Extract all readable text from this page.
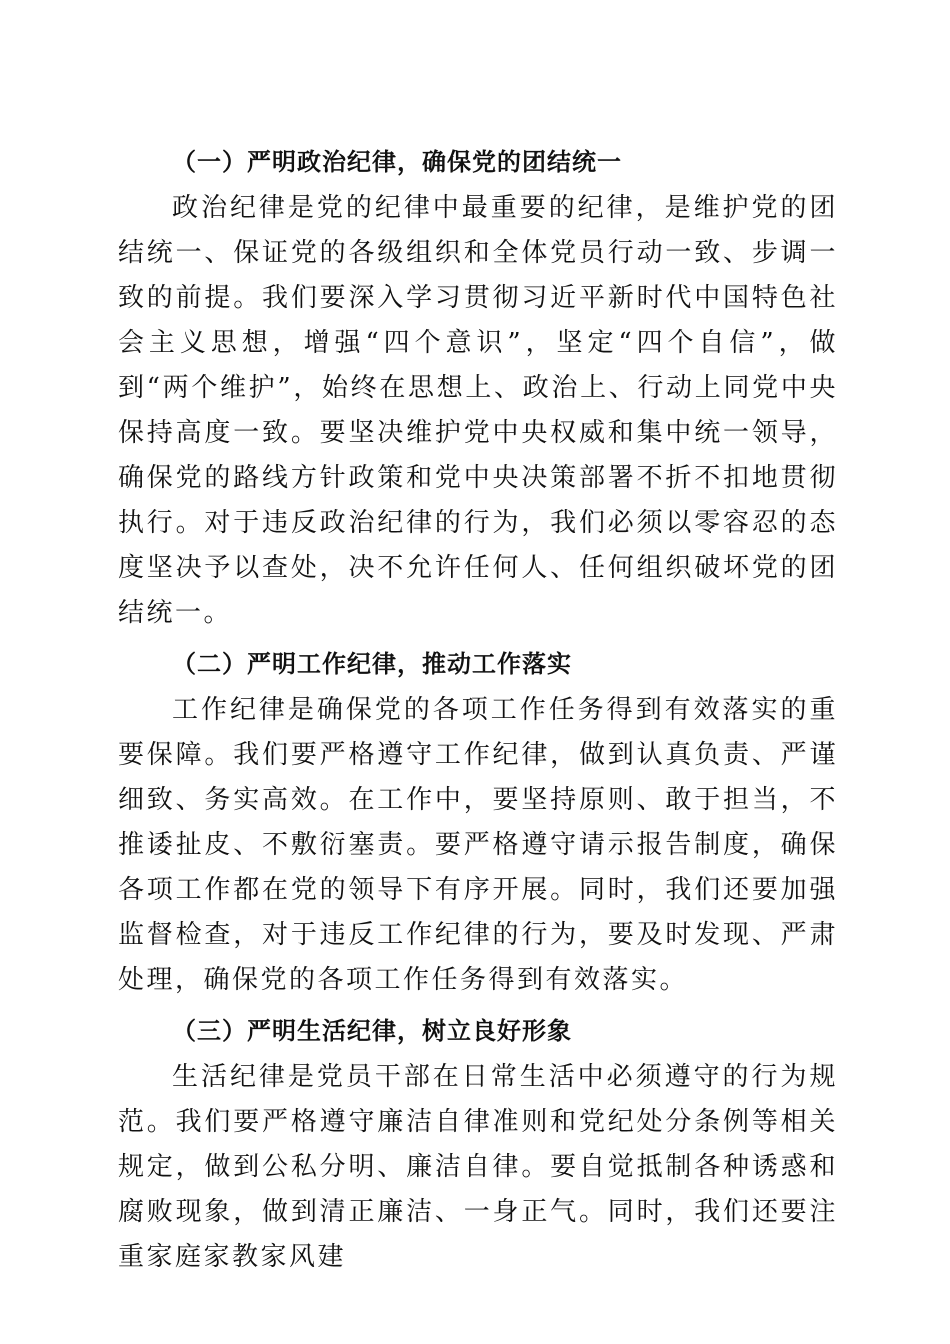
（一）严明政治纪律，确保党的团结统一

政治纪律是党的纪律中最重要的纪律，是维护党的团结统一、保证党的各级组织和全体党员行动一致、步调一致的前提。我们要深入学习贯彻习近平新时代中国特色社会主义思想，增强“四个意识”，坚定“四个自信”，做到“两个维护”，始终在思想上、政治上、行动上同党中央保持高度一致。要坚决维护党中央权威和集中统一领导，确保党的路线方针政策和党中央决策部署不折不扣地贯彻执行。对于违反政治纪律的行为，我们必须以零容忍的态度坚决予以查处，决不允许任何人、任何组织破坏党的团结统一。

（二）严明工作纪律，推动工作落实

工作纪律是确保党的各项工作任务得到有效落实的重要保障。我们要严格遵守工作纪律，做到认真负责、严谨细致、务实高效。在工作中，要坚持原则、敢于担当，不推诿扯皮、不敷衍塞责。要严格遵守请示报告制度，确保各项工作都在党的领导下有序开展。同时，我们还要加强监督检查，对于违反工作纪律的行为，要及时发现、严肃处理，确保党的各项工作任务得到有效落实。

（三）严明生活纪律，树立良好形象

生活纪律是党员干部在日常生活中必须遵守的行为规范。我们要严格遵守廉洁自律准则和党纪处分条例等相关规定，做到公私分明、廉洁自律。要自觉抵制各种诱惑和腐败现象，做到清正廉洁、一身正气。同时，我们还要注重家庭家教家风建
